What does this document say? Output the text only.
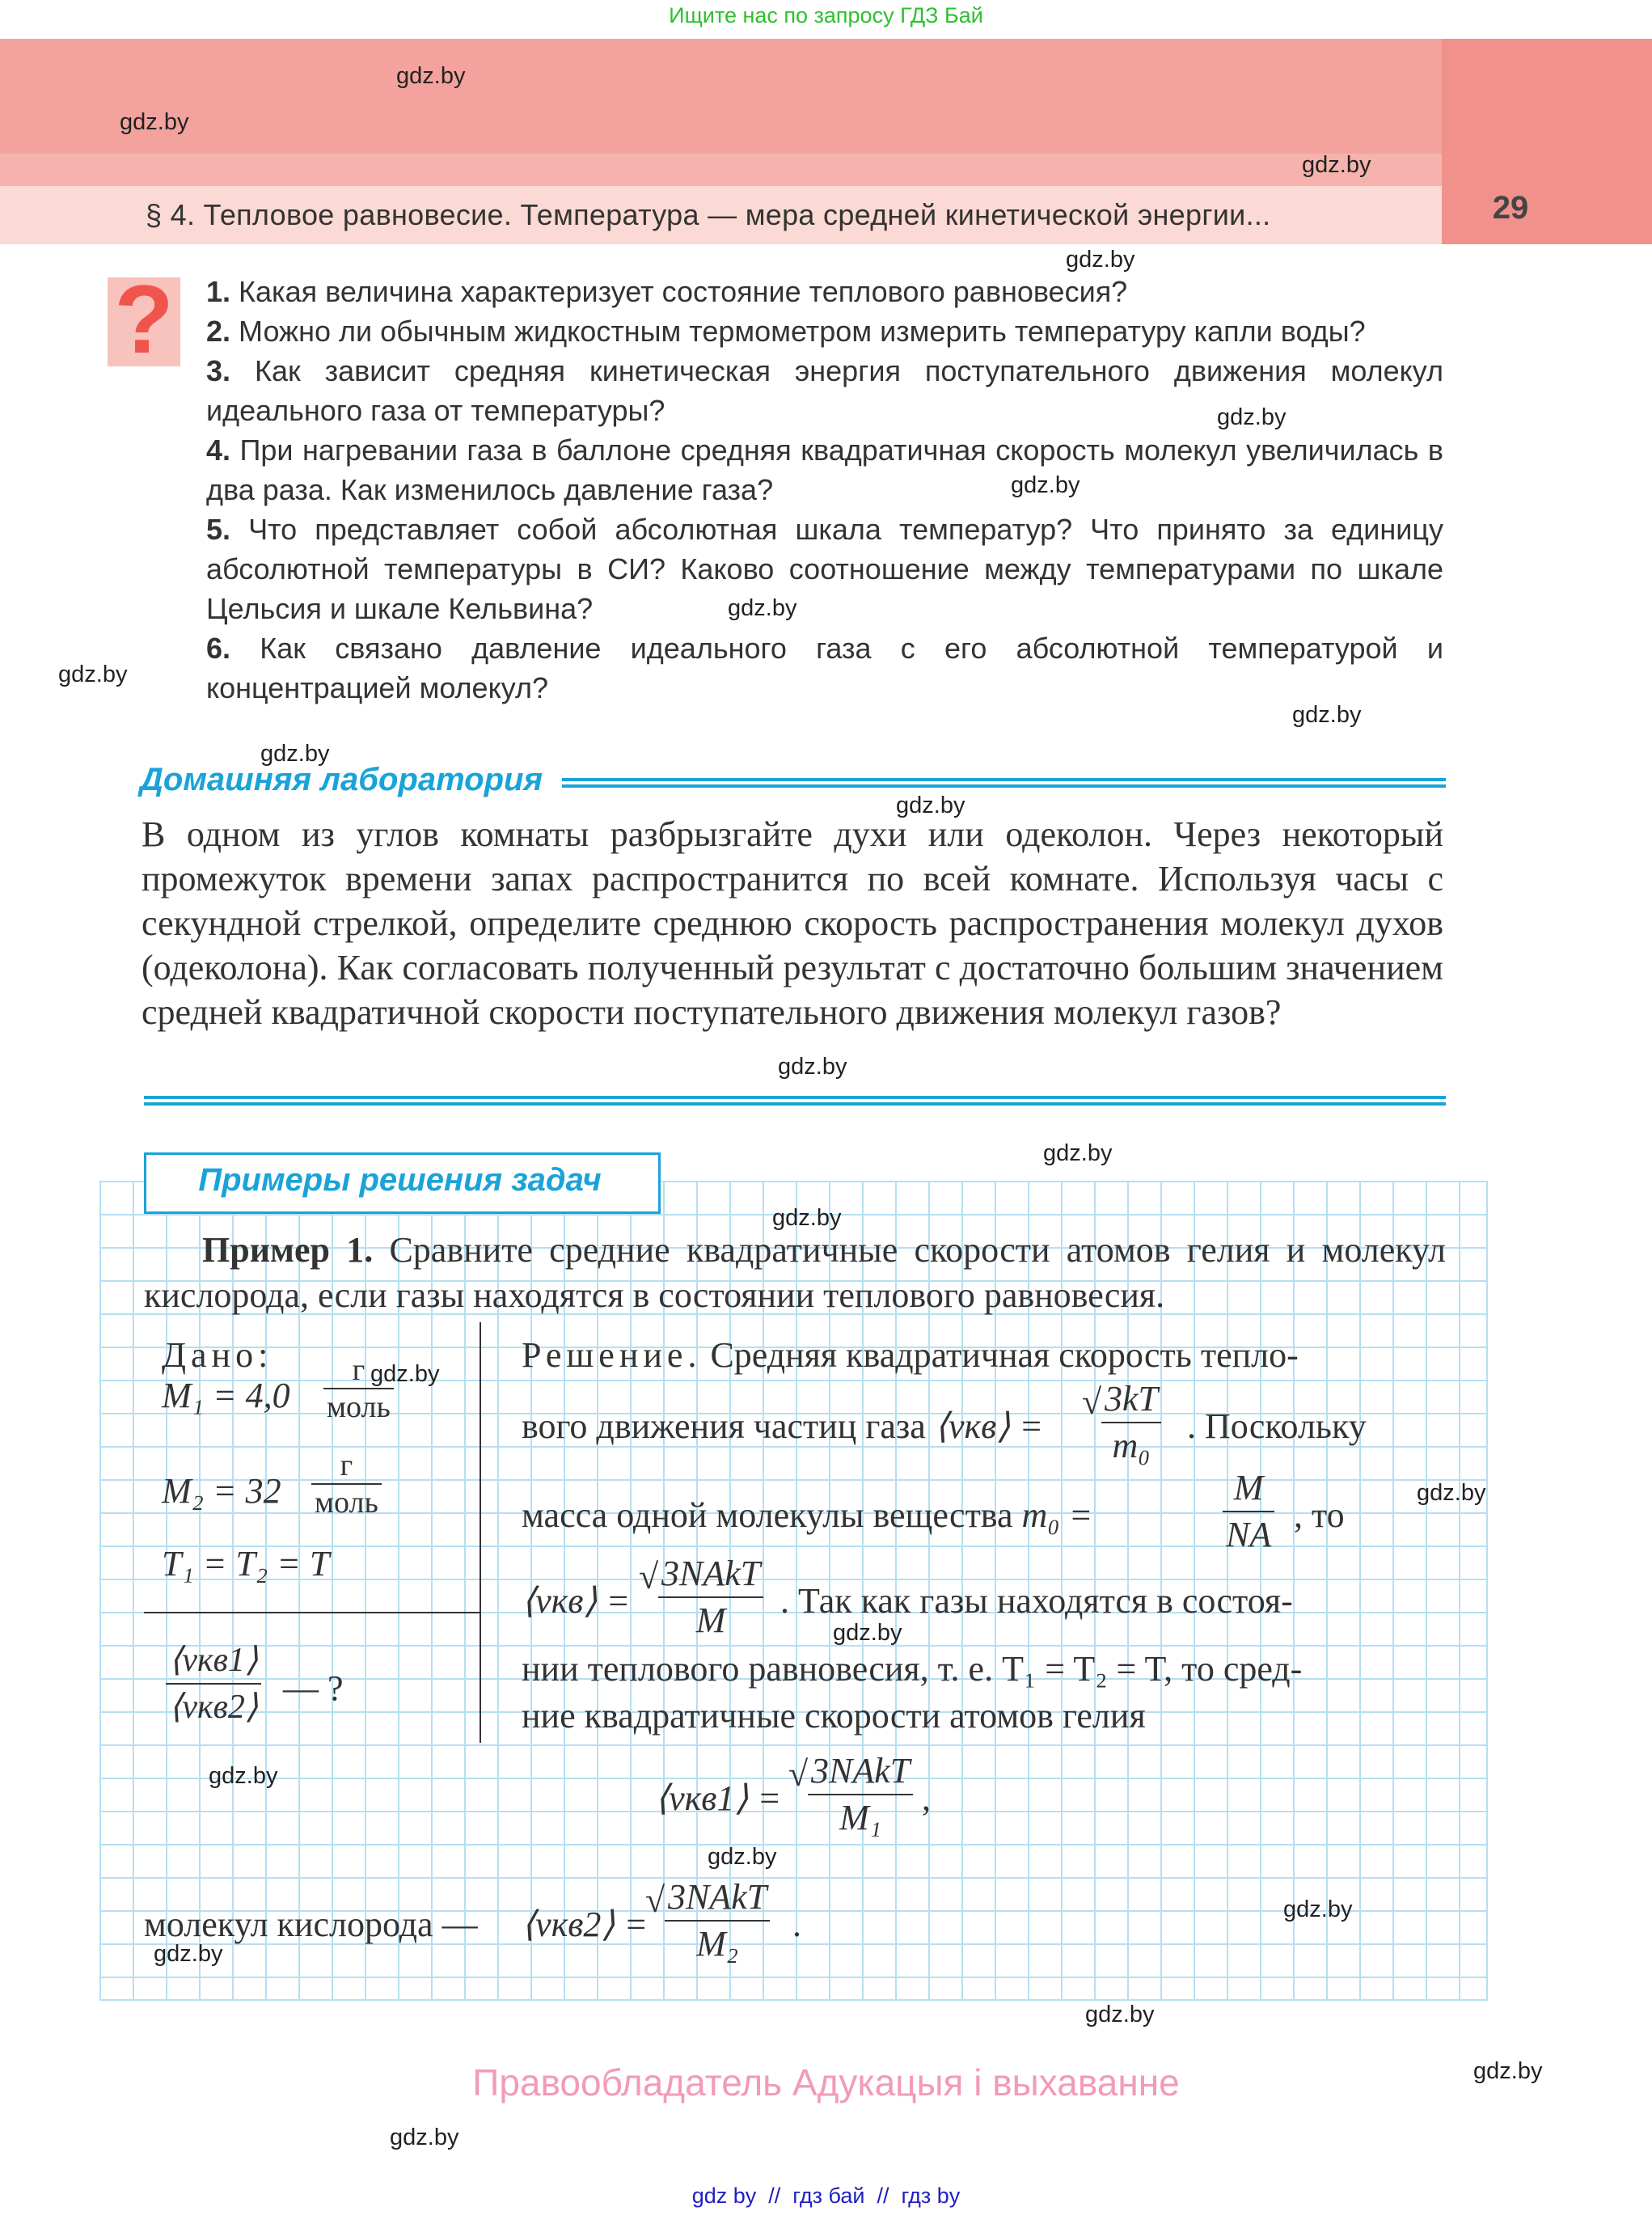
Ищите нас по запросу ГДЗ Бай
29
§ 4. Тепловое равновесие. Температура — мера средней кинетической энергии...
? 1. Какая величина характеризует состояние теплового равновесия?
2. Можно ли обычным жидкостным термометром измерить температуру капли воды?
3. Как зависит средняя кинетическая энергия поступательного движения молекул идеального газа от температуры?
4. При нагревании газа в баллоне средняя квадратичная скорость молекул увеличилась в два раза. Как изменилось давление газа?
5. Что представляет собой абсолютная шкала температур? Что принято за единицу абсолютной температуры в СИ? Каково соотношение между температурами по шкале Цельсия и шкале Кельвина?
6. Как связано давление идеального газа с его абсолютной температурой и концентрацией молекул?
Домашняя лаборатория
В одном из углов комнаты разбрызгайте духи или одеколон. Через некоторый промежуток времени запах распространится по всей комнате. Используя часы с секундной стрелкой, определите среднюю скорость распространения молекул духов (одеколона). Как согласовать полученный результат с достаточно большим значением средней квадратичной скорости поступательного движения молекул газов?
Примеры решения задач
Пример 1. Сравните средние квадратичные скорости атомов гелия и молекул кислорода, если газы находятся в состоянии теплового равновесия.
Дано:
M₁ = 4,0
г
моль
M₂ = 32
г
моль
T₁ = T₂ = T
⟨vкв1⟩
⟨vкв2⟩ — ?
Решение. Средняя квадратичная скорость тепло-
вого движения частиц газа ⟨vкв⟩ =
√ $\frac{3kT}{\text{m₀}}$ . Поскольку
масса одной молекулы вещества m₀ =	$\frac{M}{NA}$ , то
⟨vкв⟩ =
√ 3NAkT
M	. Так как газы находятся в состоя-
нии теплового равновесия, т. е. T₁ = T₂ = T, то сред-
ние квадратичные скорости атомов гелия
⟨vкв1⟩ =
√ 3NAkT
M₁	,
молекул кислорода — ⟨vкв2⟩ =
√ 3NAkT
M₂	.
gdz.by
gdz.by
gdz.by
gdz.by
gdz.by
gdz.by
gdz.by
gdz.by
gdz.by
gdz.by
gdz.by
gdz.by
gdz.by
gdz.by
gdz.by
gdz.by
gdz.by
gdz.by
gdz.by
gdz.by
gdz.by
gdz.by
gdz.by
gdz.by
Правообладатель Адукацыя і выхаванне
gdz by  //  гдз бай  //  гдз by
